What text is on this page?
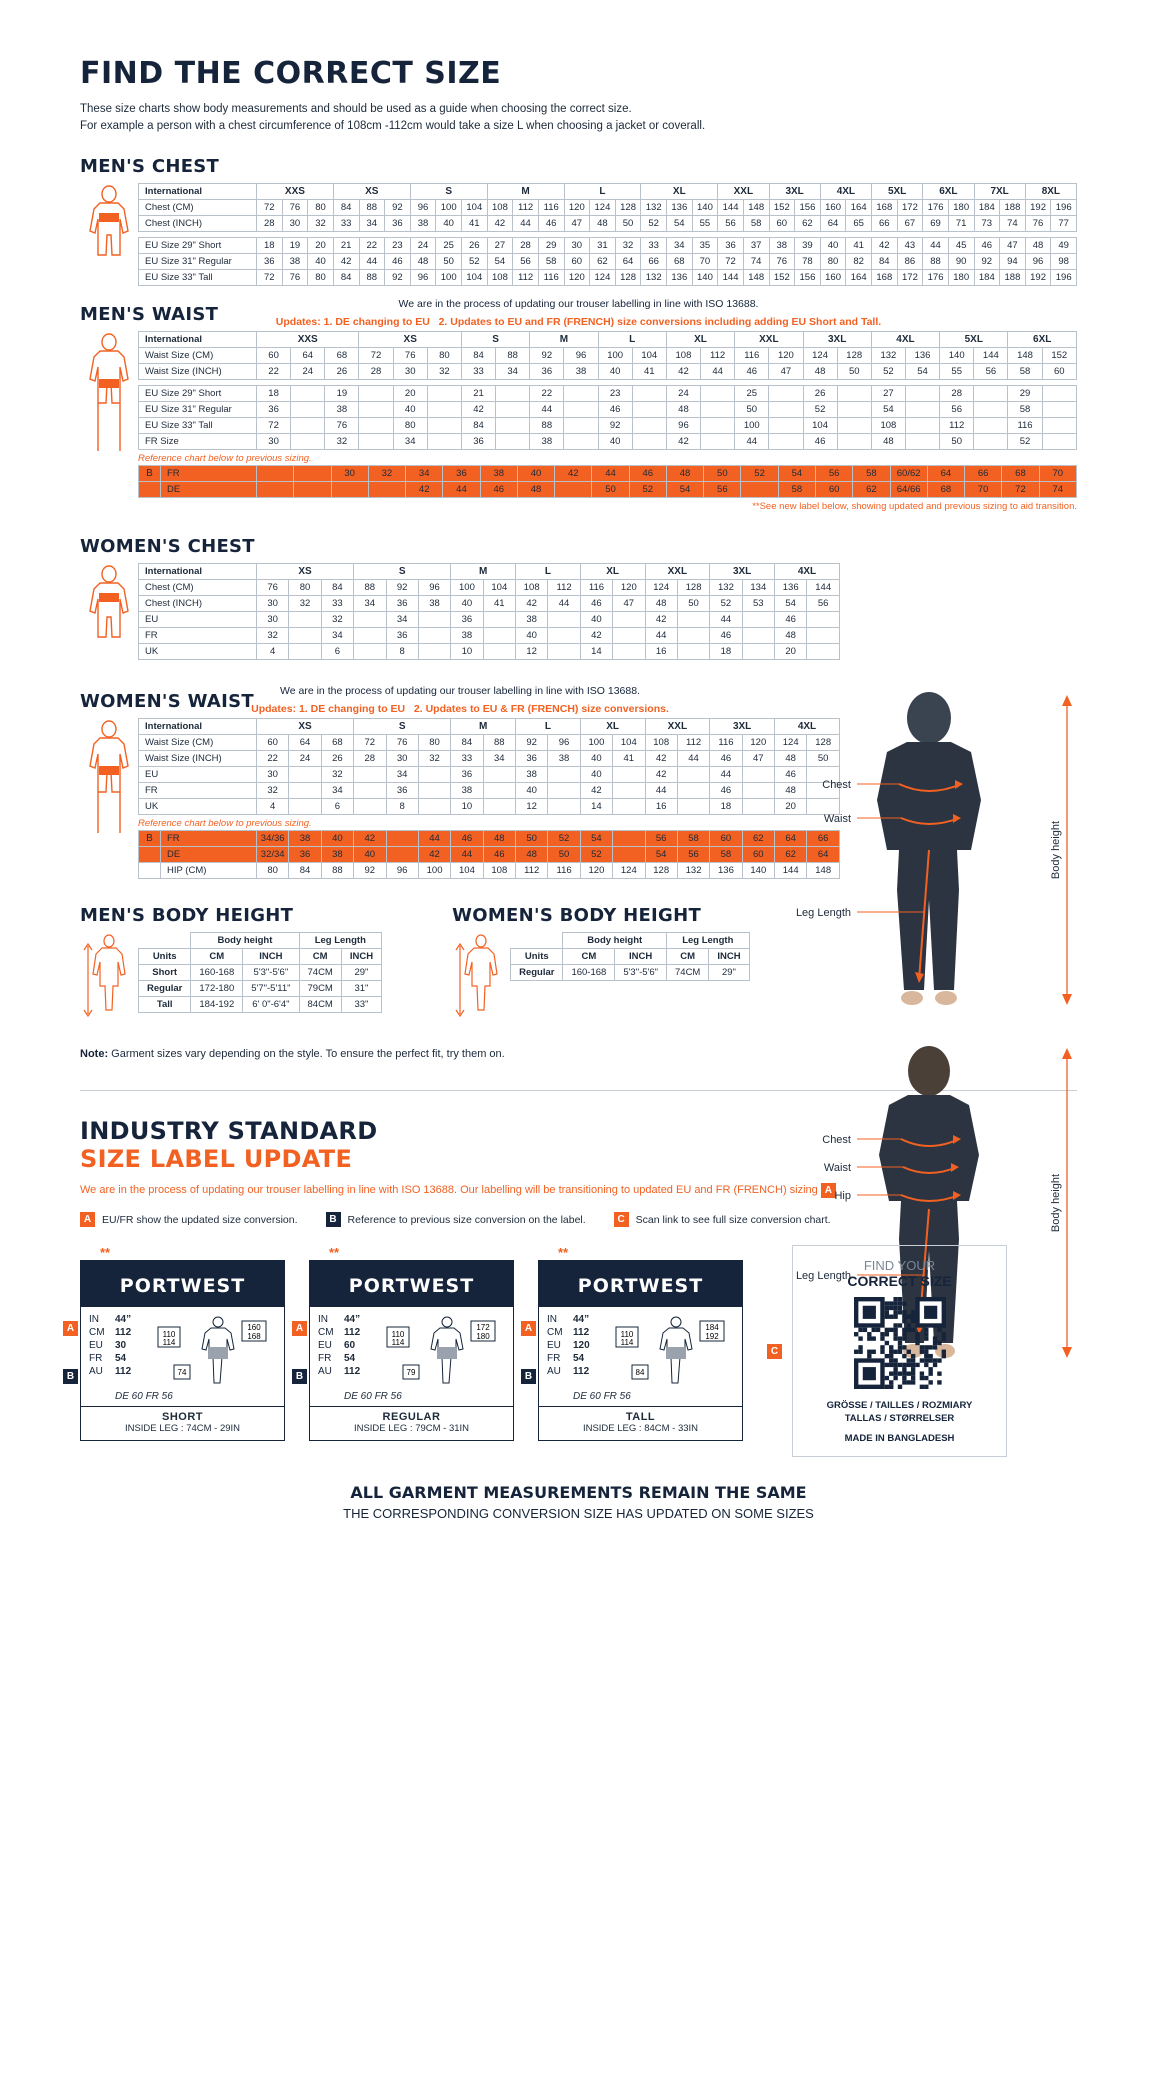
FIND THE CORRECT SIZE
These size charts show body measurements and should be used as a guide when choosing the correct size.
For example a person with a chest circumference of 108cm -112cm would take a size L when choosing a jacket or coverall.
MEN'S CHEST
International	XXS			XS			S			M			L			XL			XXL		3XL		4XL		5XL		6XL		7XL		8XL	
Chest (CM)	72	76	80	84	88	92	96	100	104	108	112	116	120	124	128	132	136	140	144	148	152	156	160	164	168	172	176	180	184	188	192	196
Chest (INCH)	28	30	32	33	34	36	38	40	41	42	44	46	47	48	50	52	54	55	56	58	60	62	64	65	66	67	69	71	73	74	76	77

EU Size 29" Short	18	19	20	21	22	23	24	25	26	27	28	29	30	31	32	33	34	35	36	37	38	39	40	41	42	43	44	45	46	47	48	49
EU Size 31" Regular	36	38	40	42	44	46	48	50	52	54	56	58	60	62	64	66	68	70	72	74	76	78	80	82	84	86	88	90	92	94	96	98
EU Size 33" Tall	72	76	80	84	88	92	96	100	104	108	112	116	120	124	128	132	136	140	144	148	152	156	160	164	168	172	176	180	184	188	192	196
We are in the process of updating our trouser labelling in line with ISO 13688.
Updates: 1. DE changing to EU 2. Updates to EU and FR (FRENCH) size conversions including adding EU Short and Tall.
MEN'S WAIST
International	XXS			XS			S		M		L		XL		XXL		3XL		4XL		5XL		6XL	
Waist Size (CM)	60	64	68	72	76	80	84	88	92	96	100	104	108	112	116	120	124	128	132	136	140	144	148	152
Waist Size (INCH)	22	24	26	28	30	32	33	34	36	38	40	41	42	44	46	47	48	50	52	54	55	56	58	60

EU Size 29" Short	18		19		20		21		22		23		24		25		26		27		28		29	
EU Size 31" Regular	36		38		40		42		44		46		48		50		52		54		56		58	
EU Size 33" Tall	72		76		80		84		88		92		96		100		104		108		112		116	
FR Size	30		32		34		36		38		40		42		44		46		48		50		52	
Reference chart below to previous sizing.
B	FR			30	32	34	36	38	40	42	44	46	48	50	52	54	56	58	60/62	64	66	68	70
	DE					42	44	46	48		50	52	54	56		58	60	62	64/66	68	70	72	74
**See new label below, showing updated and previous sizing to aid transition.
WOMEN'S CHEST
International	XS			S			M		L		XL		XXL		3XL		4XL	
Chest (CM)	76	80	84	88	92	96	100	104	108	112	116	120	124	128	132	134	136	144
Chest (INCH)	30	32	33	34	36	38	40	41	42	44	46	47	48	50	52	53	54	56
EU	30		32		34		36		38		40		42		44		46	
FR	32		34		36		38		40		42		44		46		48	
UK	4		6		8		10		12		14		16		18		20	
We are in the process of updating our trouser labelling in line with ISO 13688.
Updates: 1. DE changing to EU 2. Updates to EU & FR (FRENCH) size conversions.
WOMEN'S WAIST
International	XS			S			M		L		XL		XXL		3XL		4XL	
Waist Size (CM)	60	64	68	72	76	80	84	88	92	96	100	104	108	112	116	120	124	128
Waist Size (INCH)	22	24	26	28	30	32	33	34	36	38	40	41	42	44	46	47	48	50
EU	30		32		34		36		38		40		42		44		46	
FR	32		34		36		38		40		42		44		46		48	
UK	4		6		8		10		12		14		16		18		20	
Reference chart below to previous sizing.
B	FR	34/36	38	40	42		44	46	48	50	52	54		56	58	60	62	64	66
	DE	32/34	36	38	40		42	44	46	48	50	52		54	56	58	60	62	64
	HIP (CM)	80	84	88	92	96	100	104	108	112	116	120	124	128	132	136	140	144	148
MEN'S BODY HEIGHT
	Body height		Leg Length	
Units	CM	INCH	CM	INCH
Short	160-168	5'3"-5'6"	74CM	29"
Regular	172-180	5'7"-5'11"	79CM	31"
Tall	184-192	6' 0"-6'4"	84CM	33"
WOMEN'S BODY HEIGHT
	Body height		Leg Length	
Units	CM	INCH	CM	INCH
Regular	160-168	5'3"-5'6"	74CM	29"
Note: Garment sizes vary depending on the style. To ensure the perfect fit, try them on.
Chest
Waist
Leg Length
Body height
Chest
Waist
Hip
Leg Length
Body height
INDUSTRY STANDARD
SIZE LABEL UPDATE
We are in the process of updating our trouser labelling in line with ISO 13688. Our labelling will be transitioning to updated EU and FR (FRENCH) sizing A
A	EU/FR show the updated size conversion.	B	Reference to previous size conversion on the label.	C	Scan link to see full size conversion chart.
**
PORTWEST
A
IN	44”
CM	112
EU	30
FR	54
AU	112
110
114
74
160
168
B
DE 60 FR 56
SHORT
INSIDE LEG : 74CM - 29IN
**
PORTWEST
A
IN	44”
CM	112
EU	60
FR	54
AU	112
110
114
79
172
180
B
DE 60 FR 56
REGULAR
INSIDE LEG : 79CM - 31IN
**
PORTWEST
A
IN	44”
CM	112
EU	120
FR	54
AU	112
110
114
84
184
192
B
DE 60 FR 56
TALL
INSIDE LEG : 84CM - 33IN
C
FIND YOUR
CORRECT SIZE
GRÖSSE / TAILLES / ROZMIARY
TALLAS / STØRRELSER
MADE IN BANGLADESH
ALL GARMENT MEASUREMENTS REMAIN THE SAME
THE CORRESPONDING CONVERSION SIZE HAS UPDATED ON SOME SIZES
